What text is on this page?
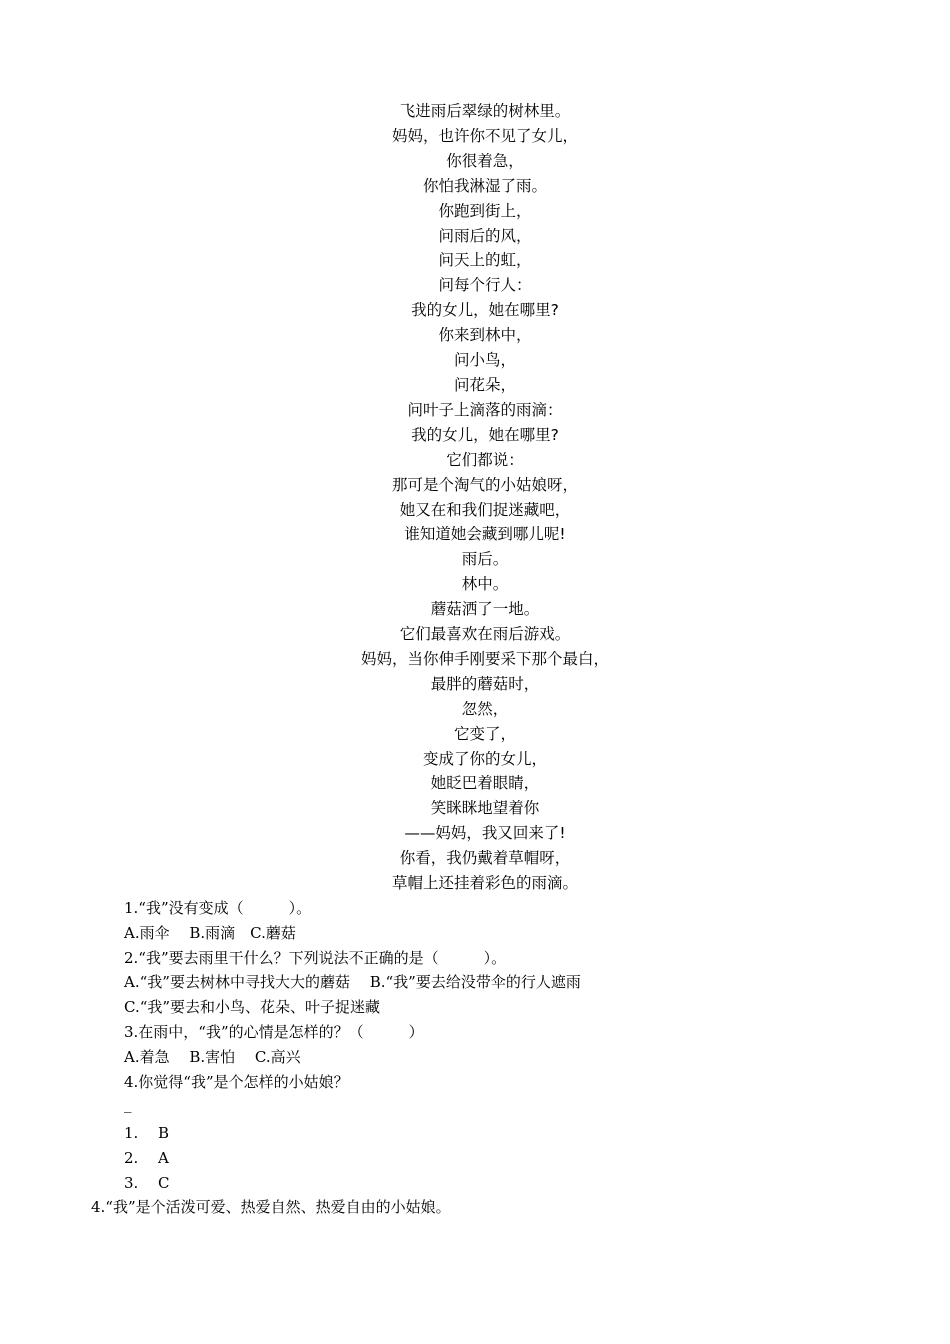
飞进雨后翠绿的树林里。
妈妈，也许你不见了女儿，
你很着急，
你怕我淋湿了雨。
你跑到街上，
问雨后的风，
问天上的虹，
问每个行人：
我的女儿，她在哪里?
你来到林中，
问小鸟，
问花朵，
问叶子上滴落的雨滴：
我的女儿，她在哪里?
它们都说：
那可是个淘气的小姑娘呀，
她又在和我们捉迷藏吧，
谁知道她会藏到哪儿呢!
雨后。
林中。
蘑菇洒了一地。
它们最喜欢在雨后游戏。
妈妈，当你伸手刚要采下那个最白，
最胖的蘑菇时，
忽然，
它变了，
变成了你的女儿，
她眨巴着眼睛，
笑眯眯地望着你
——妈妈，我又回来了!
你看，我仍戴着草帽呀，
草帽上还挂着彩色的雨滴。
1.“我”没有变成（　　　）。
A.雨伞　 B.雨滴　C.蘑菇
2.“我”要去雨里干什么？下列说法不正确的是（　　　）。
A.“我”要去树林中寻找大大的蘑菇　 B.“我”要去给没带伞的行人遮雨
C.“我”要去和小鸟、花朵、叶子捉迷藏
3.在雨中，“我”的心情是怎样的？（　　　）
A.着急　 B.害怕　 C.高兴
4.你觉得“我”是个怎样的小姑娘？
_
1. B
2. A
3. C
4.“我”是个活泼可爱、热爱自然、热爱自由的小姑娘。
